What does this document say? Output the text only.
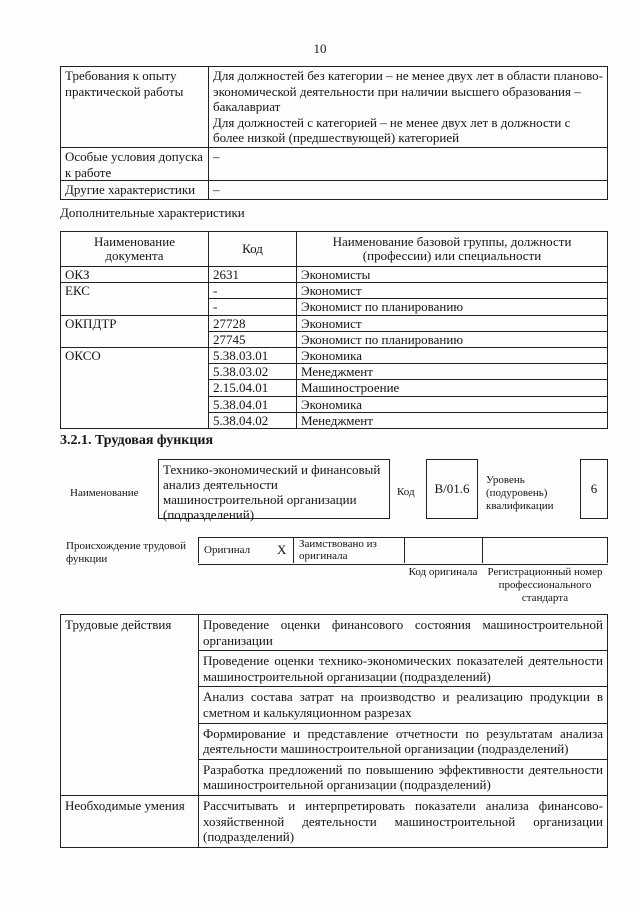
10
Требования к опыту практической работы	Для должностей без категории – не менее двух лет в области планово-экономической деятельности при наличии высшего образования – бакалавриат
Для должностей с категорией – не менее двух лет в должности с более низкой (предшествующей) категорией

Особые условия допуска к работе	–
Другие характеристики	–
Дополнительные характеристики
Наименование документа	Код	Наименование базовой группы, должности (профессии) или специальности
ОКЗ	2631	Экономисты
ЕКС	-	Экономист
	-	Экономист по планированию
ОКПДТР	27728	Экономист
	27745	Экономист по планированию
ОКСО	5.38.03.01	Экономика
	5.38.03.02	Менеджмент
	2.15.04.01	Машиностроение
	5.38.04.01	Экономика
	5.38.04.02	Менеджмент
3.2.1. Трудовая функция
Наименование
Технико-экономический и финансовый анализ деятельности машиностроительной организации (подразделений)
Код B/01.6
Уровень (подуровень) квалификации
6
Происхождение трудовой функции
Оригинал X Заимствовано из оригинала
Код оригинала Регистрационный номер профессионального стандарта
Трудовые действия	Проведение оценки финансового состояния машиностроительной организации
	Проведение оценки технико-экономических показателей деятельности машиностроительной организации (подразделений)
	Анализ состава затрат на производство и реализацию продукции в сметном и калькуляционном разрезах
	Формирование и представление отчетности по результатам анализа деятельности машиностроительной организации (подразделений)
	Разработка предложений по повышению эффективности деятельности машиностроительной организации (подразделений)
Необходимые умения	Рассчитывать и интерпретировать показатели анализа финансово-хозяйственной деятельности машиностроительной организации (подразделений)
